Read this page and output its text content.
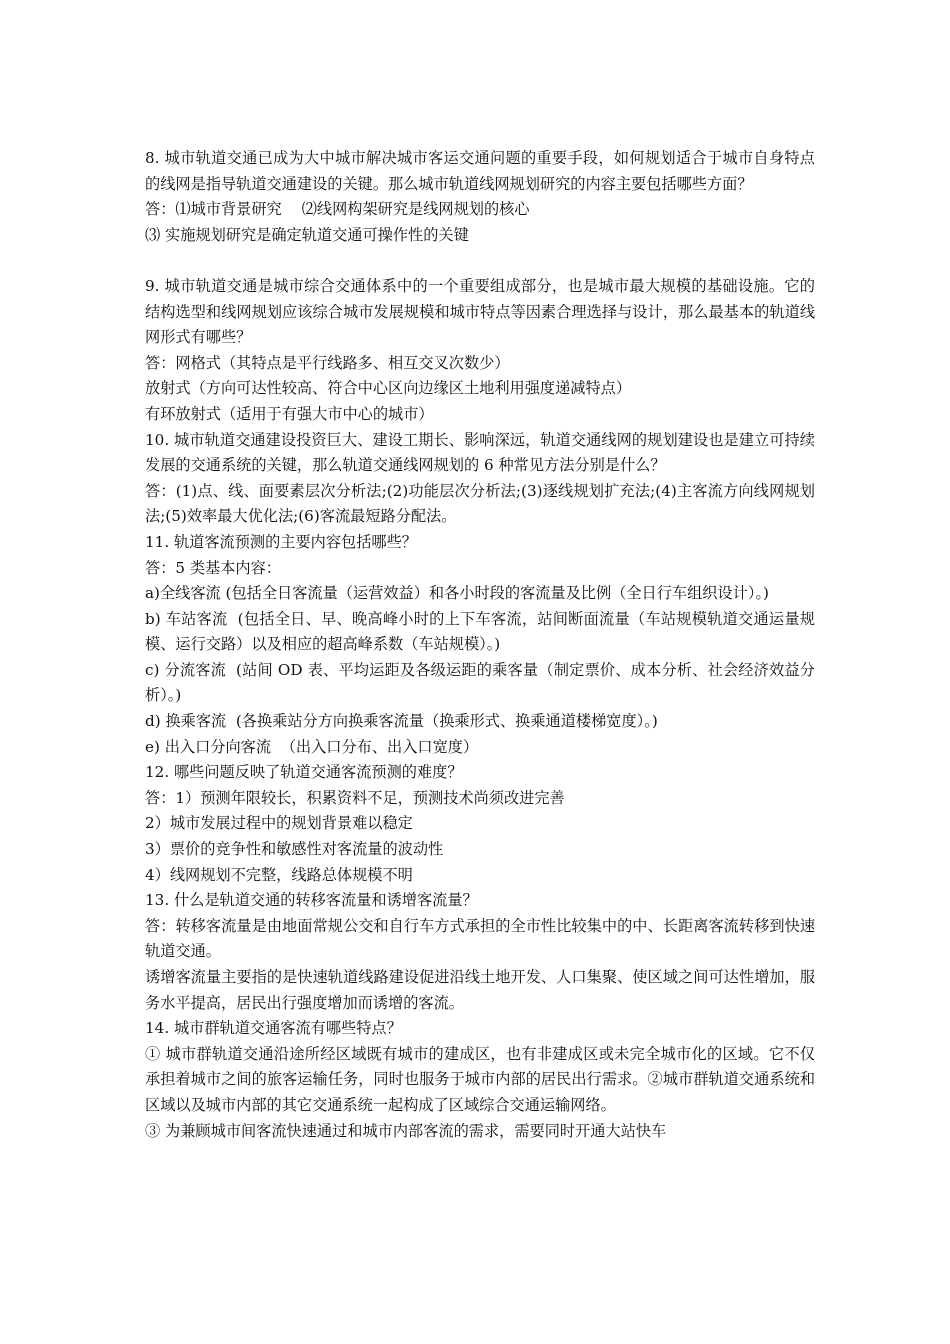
8. 城市轨道交通已成为大中城市解决城市客运交通问题的重要手段，如何规划适合于城市自身特点的线网是指导轨道交通建设的关键。那么城市轨道线网规划研究的内容主要包括哪些方面？

答：⑴城市背景研究　 ⑵线网构架研究是线网规划的核心

⑶ 实施规划研究是确定轨道交通可操作性的关键

9. 城市轨道交通是城市综合交通体系中的一个重要组成部分，也是城市最大规模的基础设施。它的结构选型和线网规划应该综合城市发展规模和城市特点等因素合理选择与设计，那么最基本的轨道线网形式有哪些？

答：网格式（其特点是平行线路多、相互交叉次数少）

放射式（方向可达性较高、符合中心区向边缘区土地利用强度递减特点）

有环放射式（适用于有强大市中心的城市）

10. 城市轨道交通建设投资巨大、建设工期长、影响深远，轨道交通线网的规划建设也是建立可持续发展的交通系统的关键，那么轨道交通线网规划的 6 种常见方法分别是什么？

答：(1)点、线、面要素层次分析法;(2)功能层次分析法;(3)逐线规划扩充法;(4)主客流方向线网规划法;(5)效率最大优化法;(6)客流最短路分配法。

11. 轨道客流预测的主要内容包括哪些？

答：5 类基本内容：

a)全线客流 (包括全日客流量（运营效益）和各小时段的客流量及比例（全日行车组织设计）。)

b) 车站客流  (包括全日、早、晚高峰小时的上下车客流，站间断面流量（车站规模轨道交通运量规模、运行交路）以及相应的超高峰系数（车站规模）。)

c) 分流客流  (站间 OD 表、平均运距及各级运距的乘客量（制定票价、成本分析、社会经济效益分析）。)

d) 换乘客流  (各换乘站分方向换乘客流量（换乘形式、换乘通道楼梯宽度）。)

e) 出入口分向客流  （出入口分布、出入口宽度）

12. 哪些问题反映了轨道交通客流预测的难度？

答：1）预测年限较长，积累资料不足，预测技术尚须改进完善

2）城市发展过程中的规划背景难以稳定

3）票价的竞争性和敏感性对客流量的波动性

4）线网规划不完整，线路总体规模不明

13. 什么是轨道交通的转移客流量和诱增客流量？

答：转移客流量是由地面常规公交和自行车方式承担的全市性比较集中的中、长距离客流转移到快速轨道交通。

诱增客流量主要指的是快速轨道线路建设促进沿线土地开发、人口集聚、使区域之间可达性增加，服务水平提高，居民出行强度增加而诱增的客流。

14. 城市群轨道交通客流有哪些特点？

① 城市群轨道交通沿途所经区域既有城市的建成区，也有非建成区或未完全城市化的区域。它不仅承担着城市之间的旅客运输任务，同时也服务于城市内部的居民出行需求。②城市群轨道交通系统和区域以及城市内部的其它交通系统一起构成了区域综合交通运输网络。

③ 为兼顾城市间客流快速通过和城市内部客流的需求，需要同时开通大站快车
